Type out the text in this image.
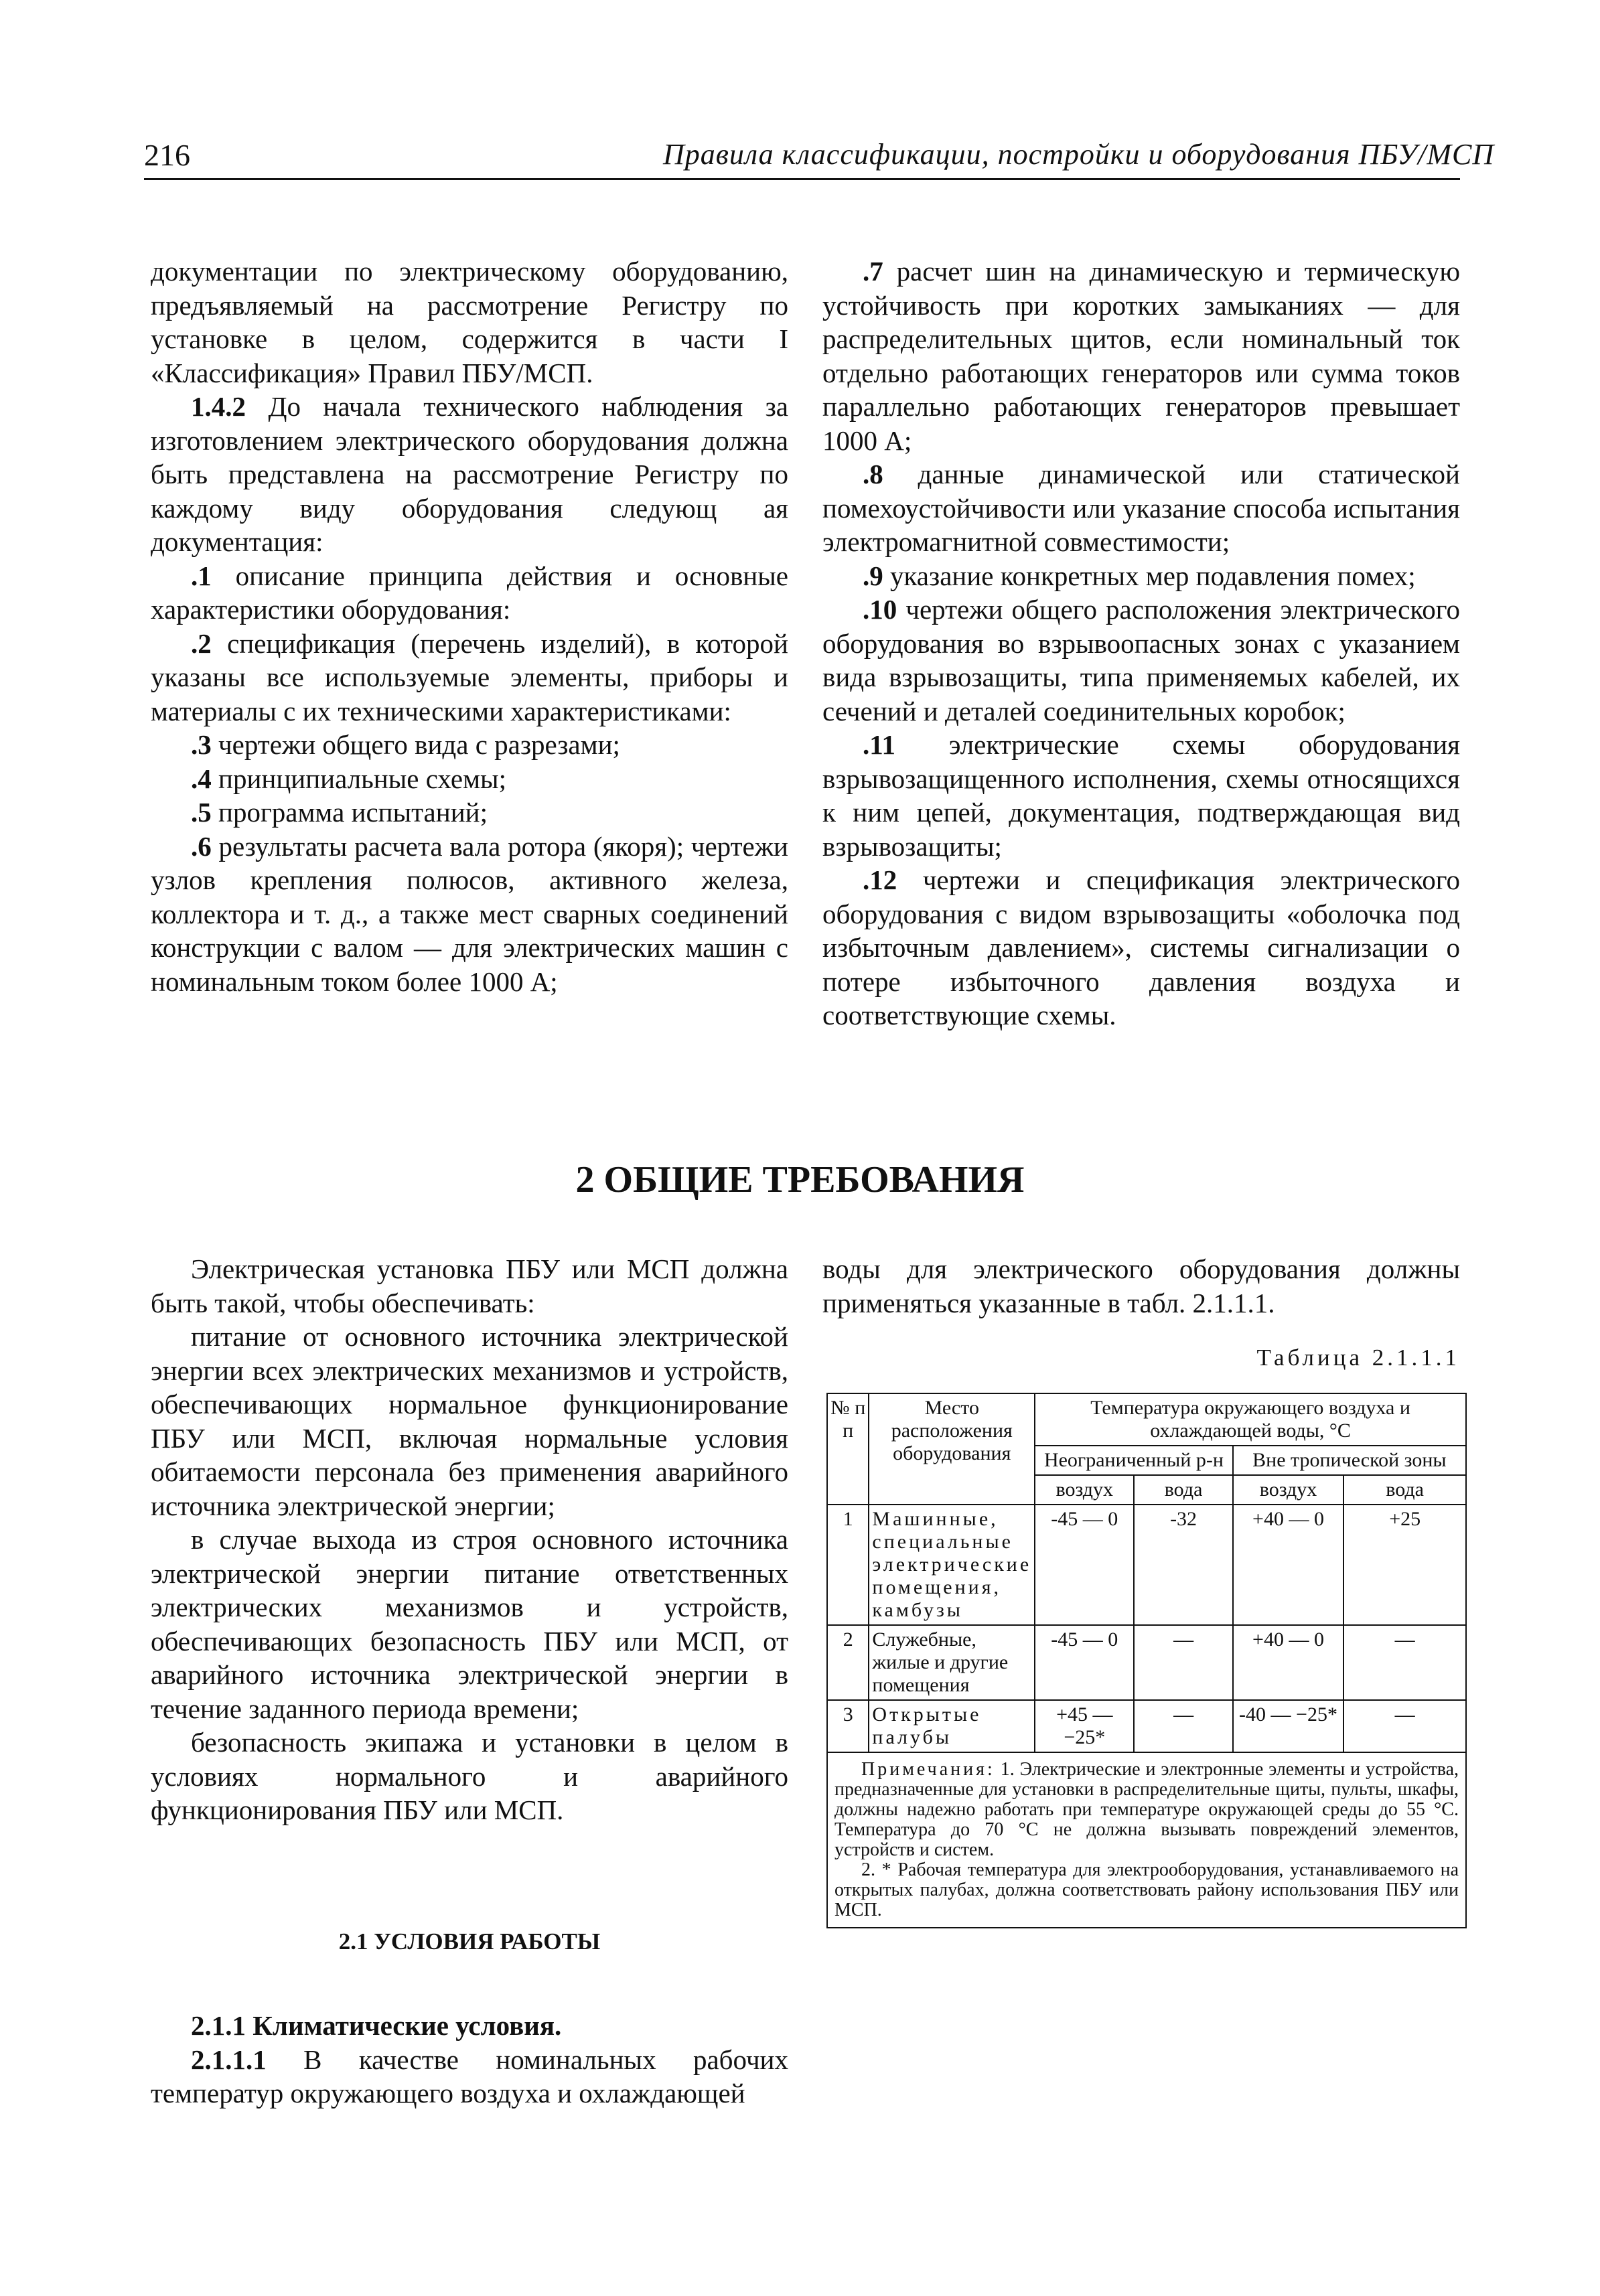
216	Правила классификации, постройки и оборудования ПБУ/МСП

документации по электрическому оборудованию, предъявляемый на рассмотрение Регистру по установке в целом, содержится в части I «Классификация» Правил ПБУ/МСП.

1.4.2 До начала технического наблюдения за изготовлением электрического оборудования должна быть представлена на рассмотрение Регистру по каждому виду оборудования следующ ая документация:

.1 описание принципа действия и основные характеристики оборудования:

.2 спецификация (перечень изделий), в которой указаны все используемые элементы, приборы и материалы с их техническими характеристиками:

.3 чертежи общего вида с разрезами;

.4 принципиальные схемы;

.5 программа испытаний;

.6 результаты расчета вала ротора (якоря); чертежи узлов крепления полюсов, активного железа, коллектора и т. д., а также мест сварных соединений конструкции с валом — для электрических машин с номинальным током более 1000 А;

.7 расчет шин на динамическую и термическую устойчивость при коротких замыканиях — для распределительных щитов, если номинальный ток отдельно работающих генераторов или сумма токов параллельно работающих генераторов превышает 1000 А;

.8 данные динамической или статической помехоустойчивости или указание способа испытания электромагнитной совместимости;

.9 указание конкретных мер подавления помех;

.10 чертежи общего расположения электрического оборудования во взрывоопасных зонах с указанием вида взрывозащиты, типа применяемых кабелей, их сечений и деталей соединительных коробок;

.11 электрические схемы оборудования взрывозащищенного исполнения, схемы относящихся к ним цепей, документация, подтверждающая вид взрывозащиты;

.12 чертежи и спецификация электрического оборудования с видом взрывозащиты «оболочка под избыточным давлением», системы сигнализации о потере избыточного давления воздуха и соответствующие схемы.

2 ОБЩИЕ ТРЕБОВАНИЯ

Электрическая установка ПБУ или МСП должна быть такой, чтобы обеспечивать:

питание от основного источника электрической энергии всех электрических механизмов и устройств, обеспечивающих нормальное функционирование ПБУ или МСП, включая нормальные условия обитаемости персонала без применения аварийного источника электрической энергии;

в случае выхода из строя основного источника электрической энергии питание ответственных электрических механизмов и устройств, обеспечивающих безопасность ПБУ или МСП, от аварийного источника электрической энергии в течение заданного периода времени;

безопасность экипажа и установки в целом в условиях нормального и аварийного функционирования ПБУ или МСП.

2.1 УСЛОВИЯ РАБОТЫ

2.1.1 Климатические условия.

2.1.1.1 В качестве номинальных рабочих температур окружающего воздуха и охлаждающей

воды для электрического оборудования должны применяться указанные в табл. 2.1.1.1.

Таблица 2.1.1.1
№ п п	Место расположения оборудования	Температура окружающего воздуха и охлаждающей воды, °С			
		Неограниченный р-н		Вне тропической зоны	
		воздух	вода	воздух	вода
1	Машинные, специальные электрические помещения, камбузы	-45 — 0	-32	+40 — 0	+25
2	Служебные, жилые и другие помещения	-45 — 0	—	+40 — 0	—
3	Открытые палубы	+45 — −25*	—	-40 — −25*	—

Примечания: 1. Электрические и электронные элементы и устройства, предназначенные для установки в распределительные щиты, пульты, шкафы, должны надежно работать при температуре окружающей среды до 55 °С. Температура до 70 °С не должна вызывать повреждений элементов, устройств и систем.

2. * Рабочая температура для электрооборудования, устанавливаемого на открытых палубах, должна соответствовать району использования ПБУ или МСП.					
